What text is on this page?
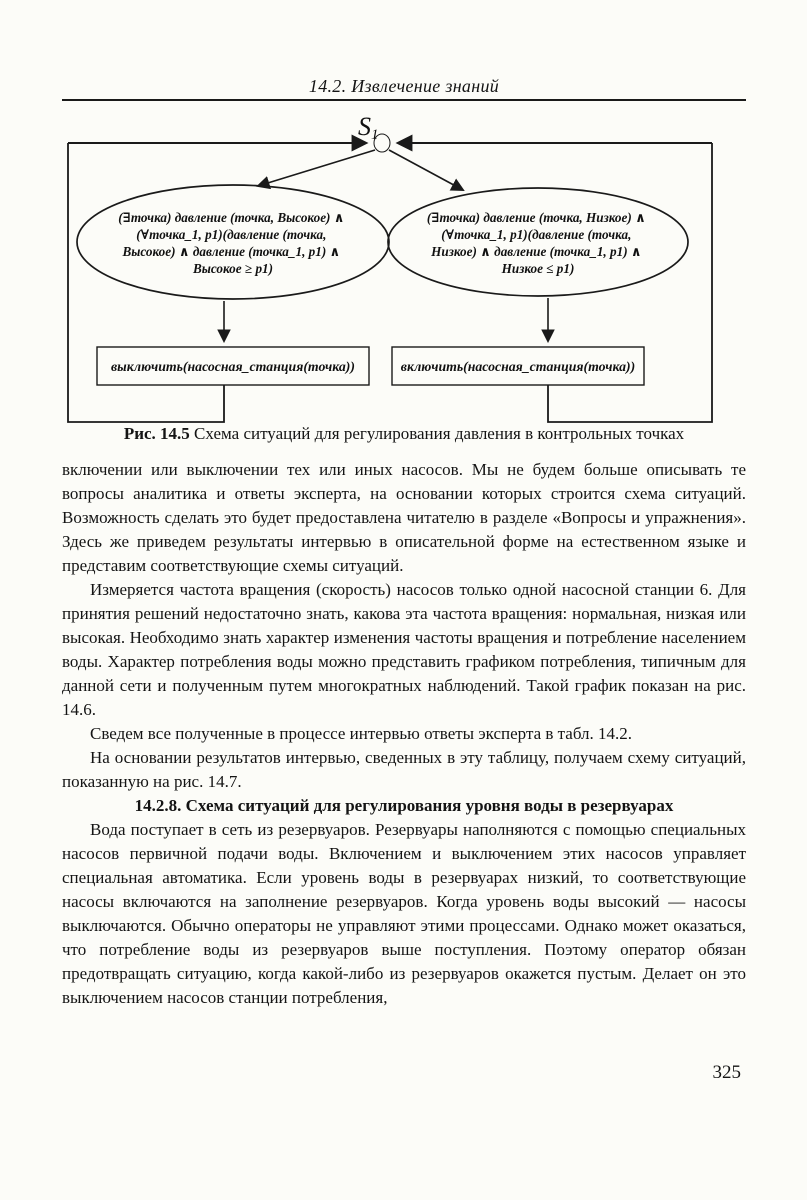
14.2. Извлечение знаний
S1
(∃точка) давление (точка, Высокое) ∧ (∀точка_1, p1)(давление (точка, Высокое) ∧ давление (точка_1, p1) ∧ Высокое ≥ p1)
(∃точка) давление (точка, Низкое) ∧ (∀точка_1, p1)(давление (точка, Низкое) ∧ давление (точка_1, p1) ∧ Низкое ≤ p1)
выключить(насосная_станция(точка))	включить(насосная_станция(точка))
Рис. 14.5 Схема ситуаций для регулирования давления в контрольных точках

включении или выключении тех или иных насосов. Мы не будем больше описывать те вопросы аналитика и ответы эксперта, на основании которых строится схема ситуаций. Возможность сделать это будет предоставлена читателю в разделе «Вопросы и упражнения». Здесь же приведем результаты интервью в описательной форме на естественном языке и представим соответствующие схемы ситуаций.

Измеряется частота вращения (скорость) насосов только одной насосной станции 6. Для принятия решений недостаточно знать, какова эта частота вращения: нормальная, низкая или высокая. Необходимо знать характер изменения частоты вращения и потребление населением воды. Характер потребления воды можно представить графиком потребления, типичным для данной сети и полученным путем многократных наблюдений. Такой график показан на рис. 14.6.

Сведем все полученные в процессе интервью ответы эксперта в табл. 14.2.

На основании результатов интервью, сведенных в эту таблицу, получаем схему ситуаций, показанную на рис. 14.7.

14.2.8. Схема ситуаций для регулирования уровня воды в резервуарах

Вода поступает в сеть из резервуаров. Резервуары наполняются с помощью специальных насосов первичной подачи воды. Включением и выключением этих насосов управляет специальная автоматика. Если уровень воды в резервуарах низкий, то соответствующие насосы включаются на заполнение резервуаров. Когда уровень воды высокий — насосы выключаются. Обычно операторы не управляют этими процессами. Однако может оказаться, что потребление воды из резервуаров выше поступления. Поэтому оператор обязан предотвращать ситуацию, когда какой-либо из резервуаров окажется пустым. Делает он это выключением насосов станции потребления,

325
